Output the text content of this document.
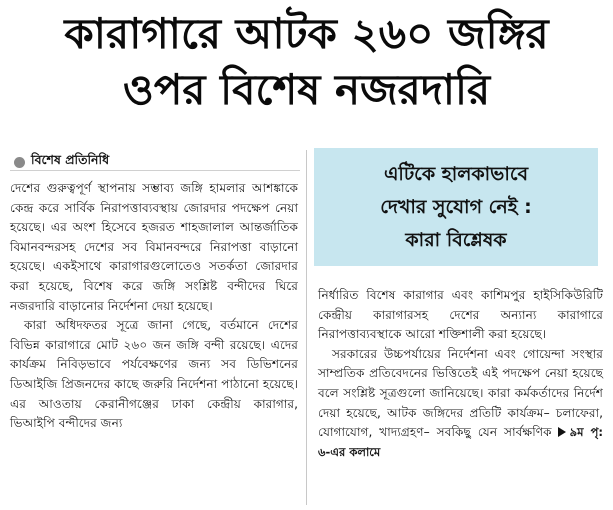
কারাগারে আটক ২৬০ জঙ্গির
ওপর বিশেষ নজরদারি
বিশেষ প্রতিনিধি

দেশের গুরুত্বপূর্ণ স্থাপনায় সম্ভাব্য জঙ্গি হামলার আশঙ্কাকে কেন্দ্র করে সার্বিক নিরাপত্তাব্যবস্থায় জোরদার পদক্ষেপ নেয়া হয়েছে। এর অংশ হিসেবে হজরত শাহজালাল আন্তর্জাতিক বিমানবন্দরসহ দেশের সব বিমানবন্দরে নিরাপত্তা বাড়ানো হয়েছে। একইসাথে কারাগারগুলোতেও সতর্কতা জোরদার করা হয়েছে, বিশেষ করে জঙ্গি সংশ্লিষ্ট বন্দীদের ঘিরে নজরদারি বাড়ানোর নির্দেশনা দেয়া হয়েছে।

কারা অধিদফতর সূত্রে জানা গেছে, বর্তমানে দেশের বিভিন্ন কারাগারে মোট ২৬০ জন জঙ্গি বন্দী রয়েছে। এদের কার্যক্রম নিবিড়ভাবে পর্যবেক্ষণের জন্য সব ডিভিশনের ডিআইজি প্রিজনদের কাছে জরুরি নির্দেশনা পাঠানো হয়েছে। এর আওতায় কেরানীগঞ্জের ঢাকা কেন্দ্রীয় কারাগার, ভিআইপি বন্দীদের জন্য

এটিকে হালকাভাবে
দেখার সুযোগ নেই :
কারা বিশ্লেষক

নির্ধারিত বিশেষ কারাগার এবং কাশিমপুর হাইসিকিউরিটি কেন্দ্রীয় কারাগারসহ দেশের অন্যান্য কারাগারে নিরাপত্তাব্যবস্থাকে আরো শক্তিশালী করা হয়েছে।

সরকারের উচ্চপর্যায়ের নির্দেশনা এবং গোয়েন্দা সংস্থার সাম্প্রতিক প্রতিবেদনের ভিত্তিতেই এই পদক্ষেপ নেয়া হয়েছে বলে সংশ্লিষ্ট সূত্রগুলো জানিয়েছে। কারা কর্মকর্তাদের নির্দেশ দেয়া হয়েছে, আটক জঙ্গিদের প্রতিটি কার্যক্রম– চলাফেরা, যোগাযোগ, খাদ্যগ্রহণ– সবকিছু যেন সার্বক্ষণিক ৯ম পৃ: ৬-এর কলামে
